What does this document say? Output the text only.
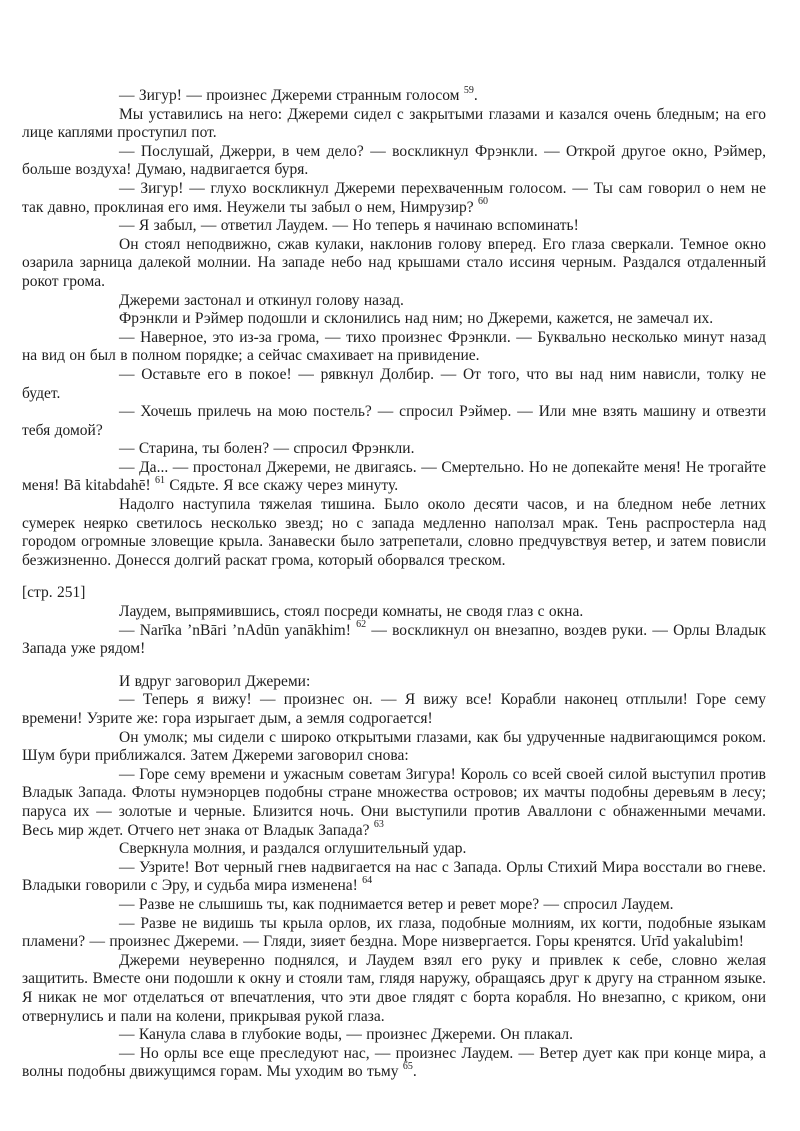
— Зигур! — произнес Джереми странным голосом $^{59}$.

Мы уставились на него: Джереми сидел с закрытыми глазами и казался очень бледным; на его лице каплями проступил пот.

— Послушай, Джерри, в чем дело? — воскликнул Фрэнкли. — Открой другое окно, Рэймер, больше воздуха! Думаю, надвигается буря.

— Зигур! — глухо воскликнул Джереми перехваченным голосом. — Ты сам говорил о нем не так давно, проклиная его имя. Неужели ты забыл о нем, Нимрузир? $^{60}$

— Я забыл, — ответил Лаудем. — Но теперь я начинаю вспоминать!

Он стоял неподвижно, сжав кулаки, наклонив голову вперед. Его глаза сверкали. Темное окно озарила зарница далекой молнии. На западе небо над крышами стало иссиня черным. Раздался отдаленный рокот грома.

Джереми застонал и откинул голову назад.

Фрэнкли и Рэймер подошли и склонились над ним; но Джереми, кажется, не замечал их.

— Наверное, это из-за грома, — тихо произнес Фрэнкли. — Буквально несколько минут назад на вид он был в полном порядке; а сейчас смахивает на привидение.

— Оставьте его в покое! — рявкнул Долбир. — От того, что вы над ним нависли, толку не будет.

— Хочешь прилечь на мою постель? — спросил Рэймер. — Или мне взять машину и отвезти тебя домой?

— Старина, ты болен? — спросил Фрэнкли.

— Да... — простонал Джереми, не двигаясь. — Смертельно. Но не допекайте меня! Не трогайте меня! Bā kitabdahē! $^{61}$ Сядьте. Я все скажу через минуту.

Надолго наступила тяжелая тишина. Было около десяти часов, и на бледном небе летних сумерек неярко светилось несколько звезд; но с запада медленно наползал мрак. Тень распростерла над городом огромные зловещие крыла. Занавески было затрепетали, словно предчувствуя ветер, и затем повисли безжизненно. Донесся долгий раскат грома, который оборвался треском.

[стр. 251]

Лаудем, выпрямившись, стоял посреди комнаты, не сводя глаз с окна.

— Narīka ’nBāri ’nAdūn yanākhim! $^{62}$ — воскликнул он внезапно, воздев руки. — Орлы Владык Запада уже рядом!

И вдруг заговорил Джереми:

— Теперь я вижу! — произнес он. — Я вижу все! Корабли наконец отплыли! Горе сему времени! Узрите же: гора изрыгает дым, а земля содрогается!

Он умолк; мы сидели с широко открытыми глазами, как бы удрученные надвигающимся роком. Шум бури приближался. Затем Джереми заговорил снова:

— Горе сему времени и ужасным советам Зигура! Король со всей своей силой выступил против Владык Запада. Флоты нумэнорцев подобны стране множества островов; их мачты подобны деревьям в лесу; паруса их — золотые и черные. Близится ночь. Они выступили против Аваллони с обнаженными мечами. Весь мир ждет. Отчего нет знака от Владык Запада? $^{63}$

Сверкнула молния, и раздался оглушительный удар.

— Узрите! Вот черный гнев надвигается на нас с Запада. Орлы Стихий Мира восстали во гневе. Владыки говорили с Эру, и судьба мира изменена! $^{64}$

— Разве не слышишь ты, как поднимается ветер и ревет море? — спросил Лаудем.

— Разве не видишь ты крыла орлов, их глаза, подобные молниям, их когти, подобные языкам пламени? — произнес Джереми. — Гляди, зияет бездна. Море низвергается. Горы кренятся. Urīd yakalubim!

Джереми неуверенно поднялся, и Лаудем взял его руку и привлек к себе, словно желая защитить. Вместе они подошли к окну и стояли там, глядя наружу, обращаясь друг к другу на странном языке. Я никак не мог отделаться от впечатления, что эти двое глядят с борта корабля. Но внезапно, с криком, они отвернулись и пали на колени, прикрывая рукой глаза.

— Канула слава в глубокие воды, — произнес Джереми. Он плакал.

— Но орлы все еще преследуют нас, — произнес Лаудем. — Ветер дует как при конце мира, а волны подобны движущимся горам. Мы уходим во тьму $^{65}$.
